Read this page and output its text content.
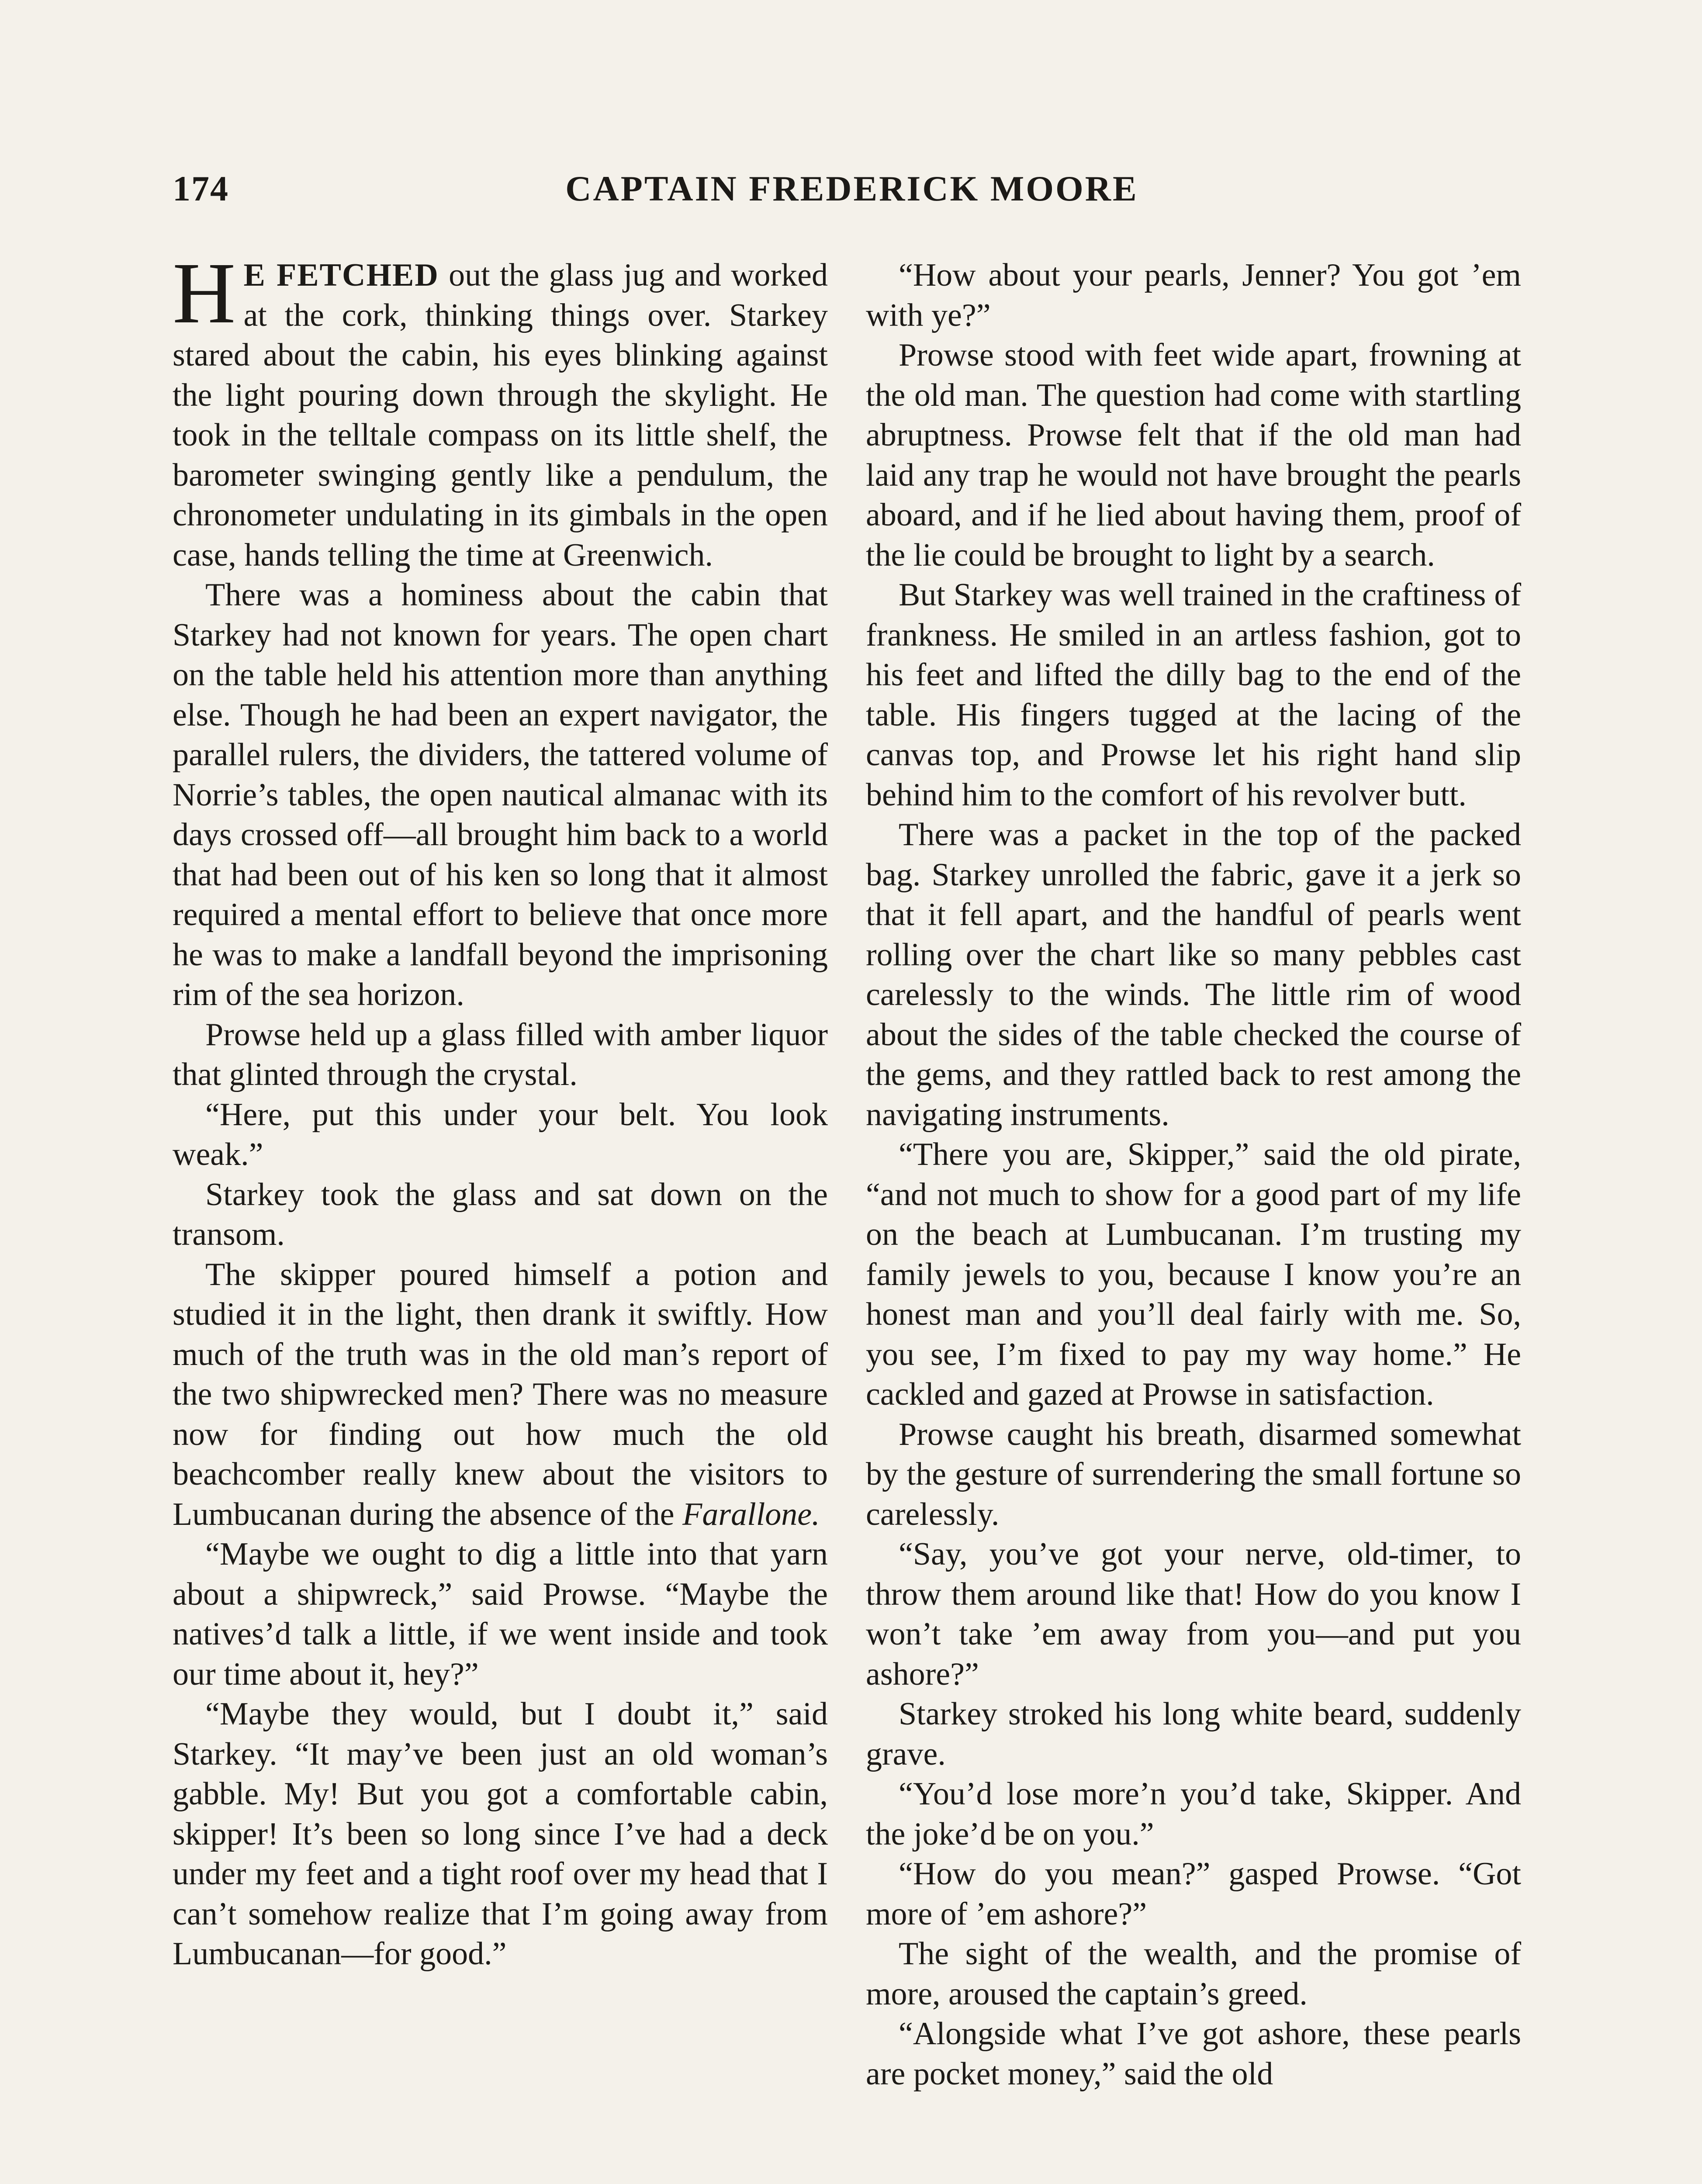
174	CAPTAIN FREDERICK MOORE

H E FETCHED out the glass jug and worked at the cork, thinking things over. Starkey stared about the cabin, his eyes blinking against the light pouring down through the skylight. He took in the telltale compass on its little shelf, the barometer swinging gently like a pendulum, the chronometer undulating in its gimbals in the open case, hands telling the time at Greenwich.

There was a hominess about the cabin that Starkey had not known for years. The open chart on the table held his attention more than anything else. Though he had been an expert navigator, the parallel rulers, the dividers, the tattered volume of Norrie’s tables, the open nautical almanac with its days crossed off—all brought him back to a world that had been out of his ken so long that it almost required a mental effort to believe that once more he was to make a landfall beyond the imprisoning rim of the sea horizon.

Prowse held up a glass filled with amber liquor that glinted through the crystal.

“Here, put this under your belt. You look weak.”

Starkey took the glass and sat down on the transom.

The skipper poured himself a potion and studied it in the light, then drank it swiftly. How much of the truth was in the old man’s report of the two shipwrecked men? There was no measure now for finding out how much the old beachcomber really knew about the visitors to Lumbucanan during the absence of the Farallone.

“Maybe we ought to dig a little into that yarn about a shipwreck,” said Prowse. “Maybe the natives’d talk a little, if we went inside and took our time about it, hey?”

“Maybe they would, but I doubt it,” said Starkey. “It may’ve been just an old woman’s gabble. My! But you got a comfortable cabin, skipper! It’s been so long since I’ve had a deck under my feet and a tight roof over my head that I can’t somehow realize that I’m going away from Lumbucanan—for good.”

“How about your pearls, Jenner? You got ’em with ye?”

Prowse stood with feet wide apart, frowning at the old man. The question had come with startling abruptness. Prowse felt that if the old man had laid any trap he would not have brought the pearls aboard, and if he lied about having them, proof of the lie could be brought to light by a search.

But Starkey was well trained in the craftiness of frankness. He smiled in an artless fashion, got to his feet and lifted the dilly bag to the end of the table. His fingers tugged at the lacing of the canvas top, and Prowse let his right hand slip behind him to the comfort of his revolver butt.

There was a packet in the top of the packed bag. Starkey unrolled the fabric, gave it a jerk so that it fell apart, and the handful of pearls went rolling over the chart like so many pebbles cast carelessly to the winds. The little rim of wood about the sides of the table checked the course of the gems, and they rattled back to rest among the navigating instruments.

“There you are, Skipper,” said the old pirate, “and not much to show for a good part of my life on the beach at Lumbucanan. I’m trusting my family jewels to you, because I know you’re an honest man and you’ll deal fairly with me. So, you see, I’m fixed to pay my way home.” He cackled and gazed at Prowse in satisfaction.

Prowse caught his breath, disarmed somewhat by the gesture of surrendering the small fortune so carelessly.

“Say, you’ve got your nerve, old-timer, to throw them around like that! How do you know I won’t take ’em away from you—and put you ashore?”

Starkey stroked his long white beard, suddenly grave.

“You’d lose more’n you’d take, Skipper. And the joke’d be on you.”

“How do you mean?” gasped Prowse. “Got more of ’em ashore?”

The sight of the wealth, and the promise of more, aroused the captain’s greed.

“Alongside what I’ve got ashore, these pearls are pocket money,” said the old
